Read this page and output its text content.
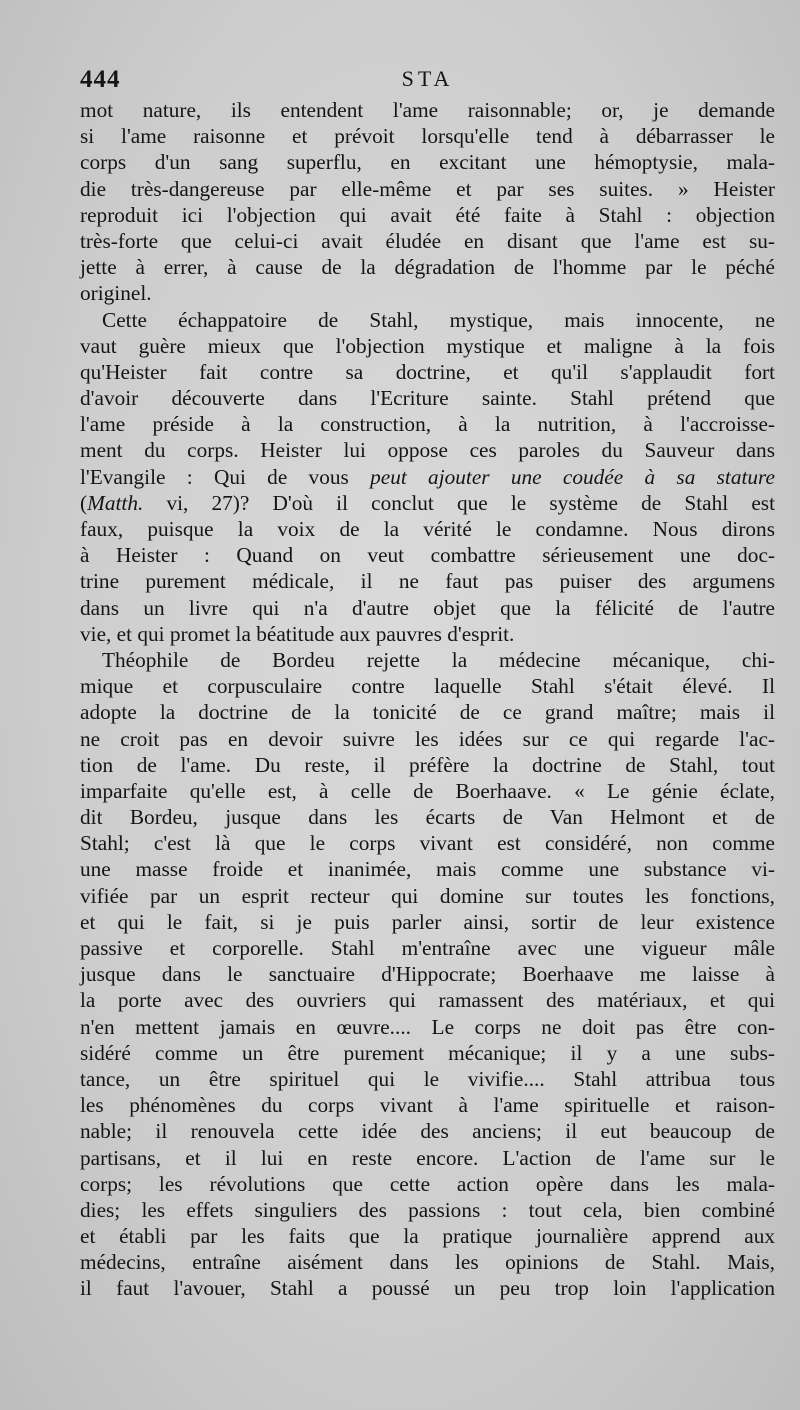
444	STA
mot nature, ils entendent l'ame raisonnable; or, je demande
si l'ame raisonne et prévoit lorsqu'elle tend à débarrasser le
corps d'un sang superflu, en excitant une hémoptysie, mala-
die très-dangereuse par elle-même et par ses suites. » Heister
reproduit ici l'objection qui avait été faite à Stahl : objection
très-forte que celui-ci avait éludée en disant que l'ame est su-
jette à errer, à cause de la dégradation de l'homme par le péché
originel.
Cette échappatoire de Stahl, mystique, mais innocente, ne
vaut guère mieux que l'objection mystique et maligne à la fois
qu'Heister fait contre sa doctrine, et qu'il s'applaudit fort
d'avoir découverte dans l'Ecriture sainte. Stahl prétend que
l'ame préside à la construction, à la nutrition, à l'accroisse-
ment du corps. Heister lui oppose ces paroles du Sauveur dans
l'Evangile : Qui de vous peut ajouter une coudée à sa stature
(Matth. vi, 27)? D'où il conclut que le système de Stahl est
faux, puisque la voix de la vérité le condamne. Nous dirons
à Heister : Quand on veut combattre sérieusement une doc-
trine purement médicale, il ne faut pas puiser des argumens
dans un livre qui n'a d'autre objet que la félicité de l'autre
vie, et qui promet la béatitude aux pauvres d'esprit.
Théophile de Bordeu rejette la médecine mécanique, chi-
mique et corpusculaire contre laquelle Stahl s'était élevé. Il
adopte la doctrine de la tonicité de ce grand maître; mais il
ne croit pas en devoir suivre les idées sur ce qui regarde l'ac-
tion de l'ame. Du reste, il préfère la doctrine de Stahl, tout
imparfaite qu'elle est, à celle de Boerhaave. « Le génie éclate,
dit Bordeu, jusque dans les écarts de Van Helmont et de
Stahl; c'est là que le corps vivant est considéré, non comme
une masse froide et inanimée, mais comme une substance vi-
vifiée par un esprit recteur qui domine sur toutes les fonctions,
et qui le fait, si je puis parler ainsi, sortir de leur existence
passive et corporelle. Stahl m'entraîne avec une vigueur mâle
jusque dans le sanctuaire d'Hippocrate; Boerhaave me laisse à
la porte avec des ouvriers qui ramassent des matériaux, et qui
n'en mettent jamais en œuvre.... Le corps ne doit pas être con-
sidéré comme un être purement mécanique; il y a une subs-
tance, un être spirituel qui le vivifie.... Stahl attribua tous
les phénomènes du corps vivant à l'ame spirituelle et raison-
nable; il renouvela cette idée des anciens; il eut beaucoup de
partisans, et il lui en reste encore. L'action de l'ame sur le
corps; les révolutions que cette action opère dans les mala-
dies; les effets singuliers des passions : tout cela, bien combiné
et établi par les faits que la pratique journalière apprend aux
médecins, entraîne aisément dans les opinions de Stahl. Mais,
il faut l'avouer, Stahl a poussé un peu trop loin l'application
